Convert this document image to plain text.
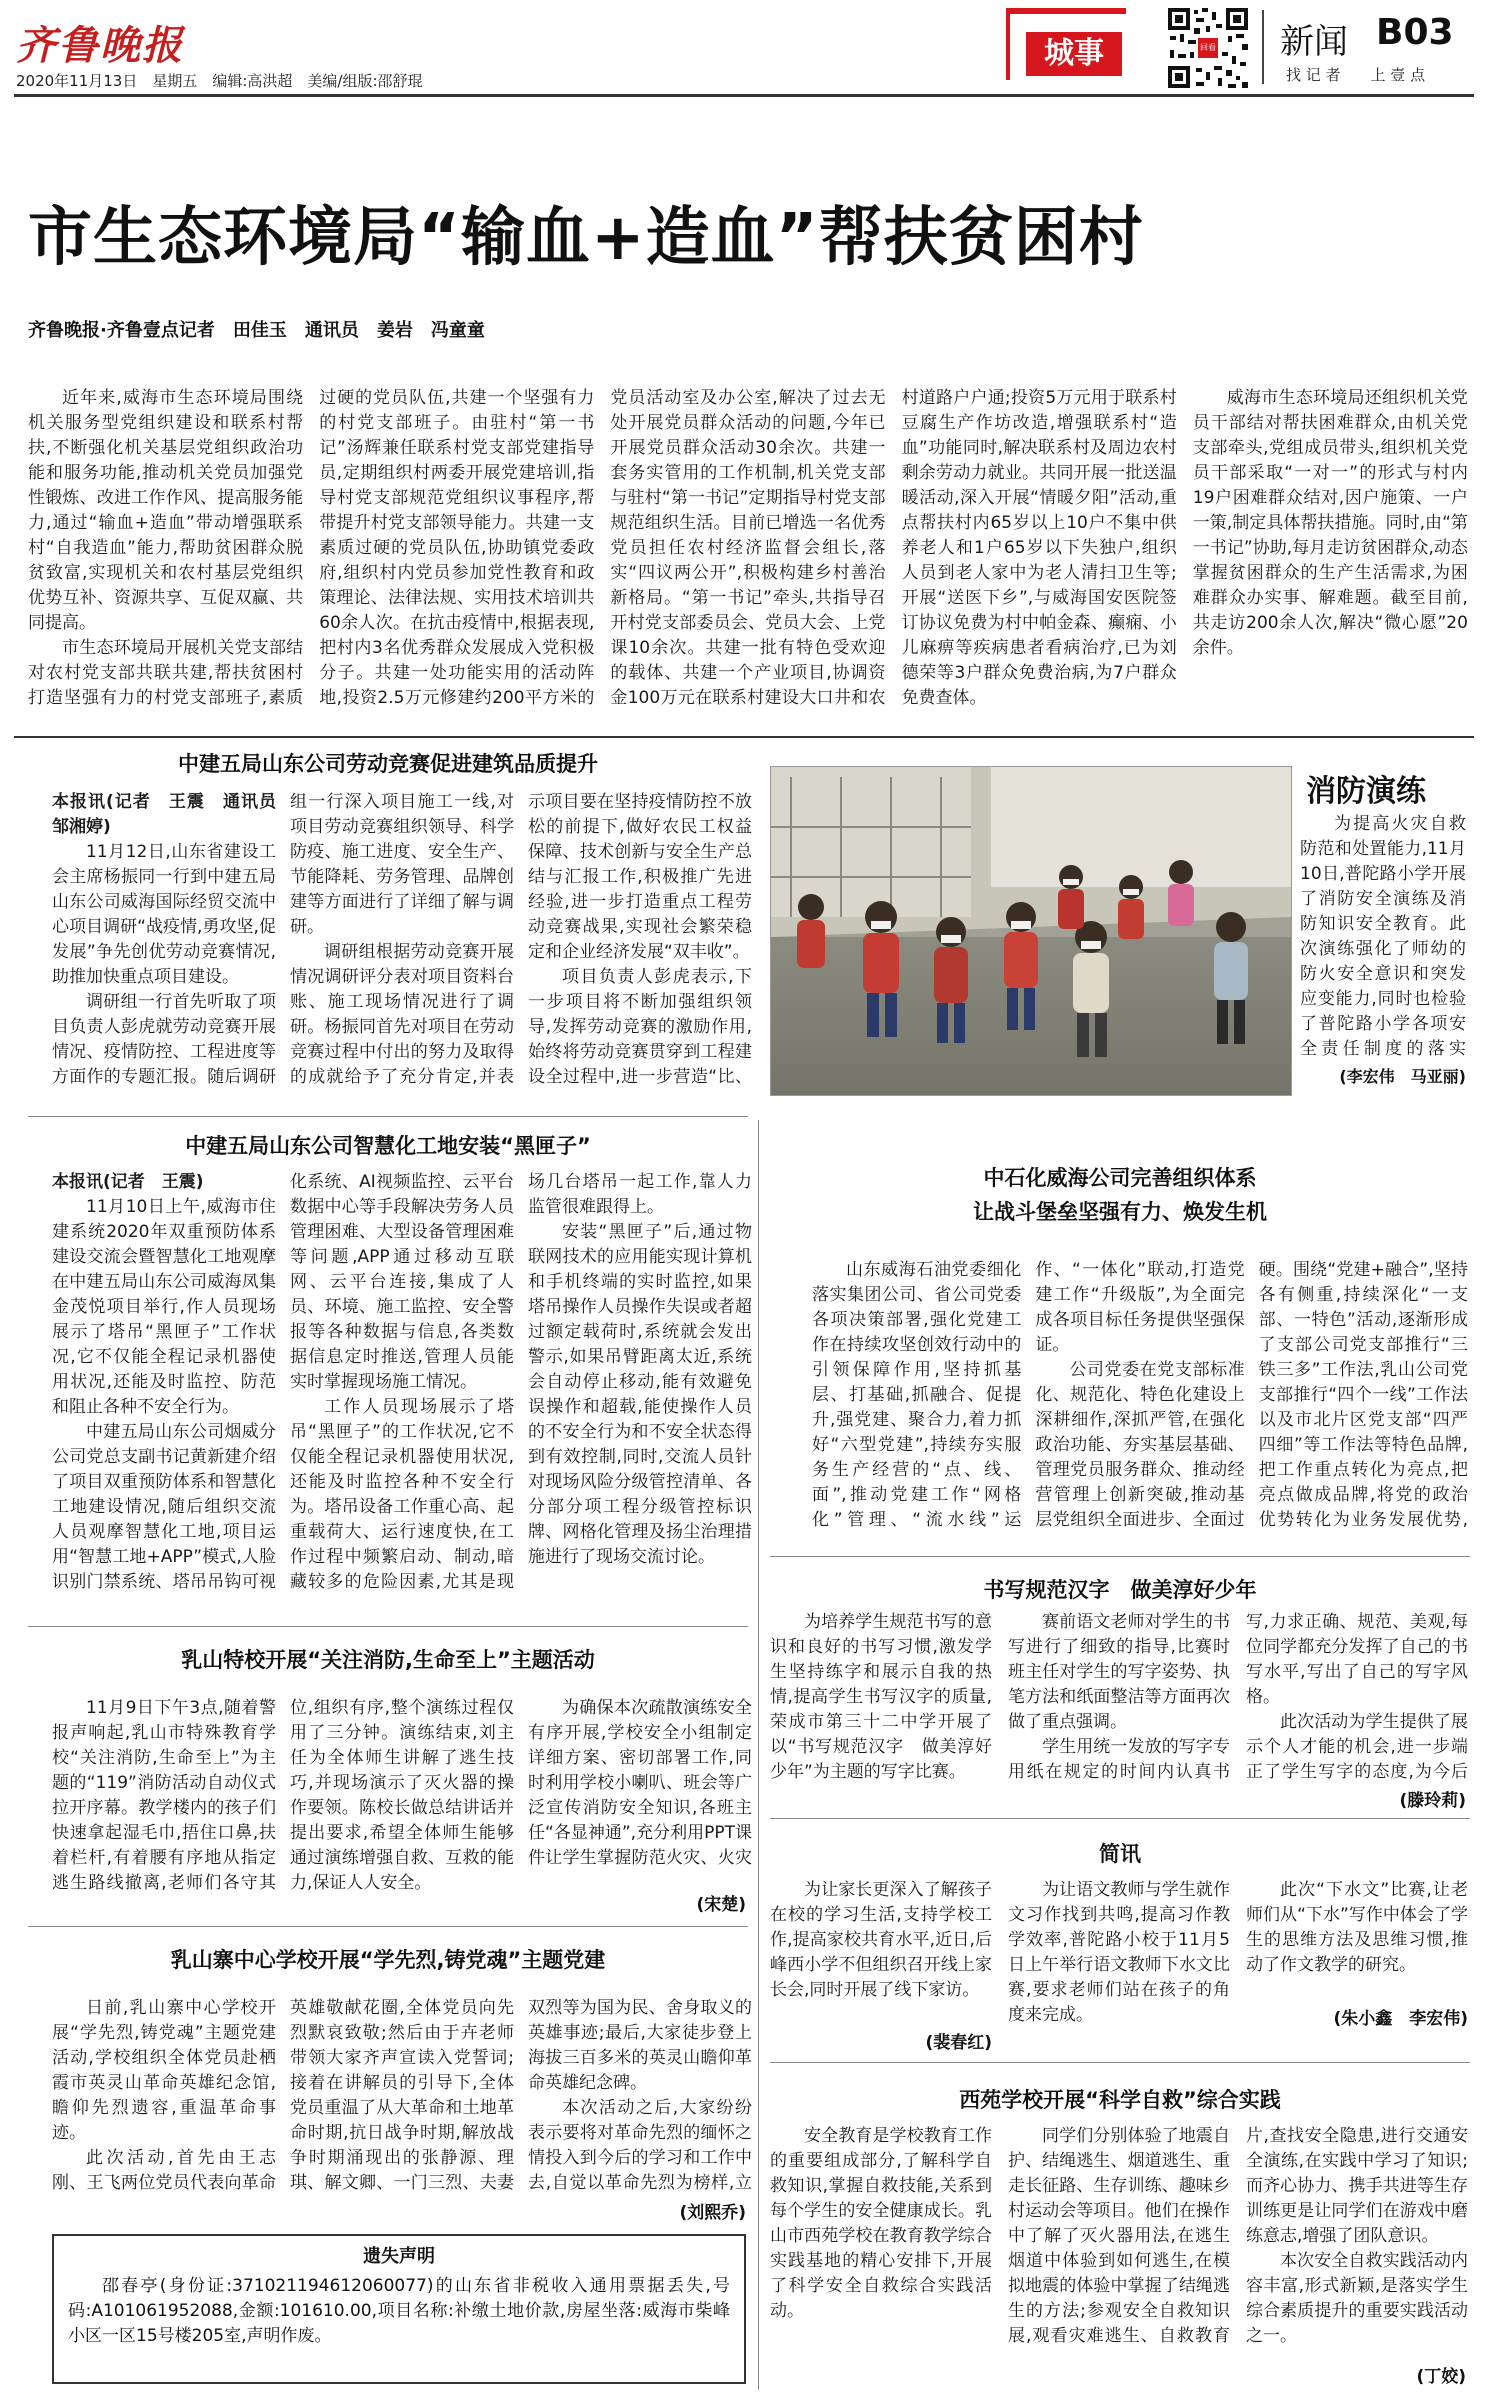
齐鲁晚报
2020年11月13日　星期五　编辑:高洪超　美编/组版:邵舒琨
城事	回看 新闻 B03
找 记 者　　上 壹 点
市生态环境局“输血+造血”帮扶贫困村
齐鲁晚报·齐鲁壹点记者　田佳玉　通讯员　姜岩　冯童童

近年来,威海市生态环境局围绕机关服务型党组织建设和联系村帮扶,不断强化机关基层党组织政治功能和服务功能,推动机关党员加强党性锻炼、改进工作作风、提高服务能力,通过“输血+造血”带动增强联系村“自我造血”能力,帮助贫困群众脱贫致富,实现机关和农村基层党组织优势互补、资源共享、互促双赢、共同提高。

市生态环境局开展机关党支部结对农村党支部共联共建,帮扶贫困村打造坚强有力的村党支部班子,素质过硬的党员队伍,共建一个坚强有力的村党支部班子。由驻村“第一书记”汤辉兼任联系村党支部党建指导员,定期组织村两委开展党建培训,指导村党支部规范党组织议事程序,帮带提升村党支部领导能力。共建一支素质过硬的党员队伍,协助镇党委政府,组织村内党员参加党性教育和政策理论、法律法规、实用技术培训共60余人次。在抗击疫情中,根据表现,把村内3名优秀群众发展成入党积极分子。共建一处功能实用的活动阵地,投资2.5万元修建约200平方米的党员活动室及办公室,解决了过去无处开展党员群众活动的问题,今年已开展党员群众活动30余次。共建一套务实管用的工作机制,机关党支部与驻村“第一书记”定期指导村党支部规范组织生活。目前已增选一名优秀党员担任农村经济监督会组长,落实“四议两公开”,积极构建乡村善治新格局。“第一书记”牵头,共指导召开村党支部委员会、党员大会、上党课10余次。共建一批有特色受欢迎的载体、共建一个产业项目,协调资金100万元在联系村建设大口井和农村道路户户通;投资5万元用于联系村豆腐生产作坊改造,增强联系村“造血”功能同时,解决联系村及周边农村剩余劳动力就业。共同开展一批送温暖活动,深入开展“情暖夕阳”活动,重点帮扶村内65岁以上10户不集中供养老人和1户65岁以下失独户,组织人员到老人家中为老人清扫卫生等;开展“送医下乡”,与威海国安医院签订协议免费为村中帕金森、癫痫、小儿麻痹等疾病患者看病治疗,已为刘德荣等3户群众免费治病,为7户群众免费查体。

威海市生态环境局还组织机关党员干部结对帮扶困难群众,由机关党支部牵头,党组成员带头,组织机关党员干部采取“一对一”的形式与村内19户困难群众结对,因户施策、一户一策,制定具体帮扶措施。同时,由“第一书记”协助,每月走访贫困群众,动态掌握贫困群众的生产生活需求,为困难群众办实事、解难题。截至目前,共走访200余人次,解决“微心愿”20余件。

中建五局山东公司劳动竞赛促进建筑品质提升

本报讯(记者　王震　通讯员　邹湘婷)

11月12日,山东省建设工会主席杨振同一行到中建五局山东公司威海国际经贸交流中心项目调研“战疫情,勇攻坚,促发展”争先创优劳动竞赛情况,助推加快重点项目建设。

调研组一行首先听取了项目负责人彭虎就劳动竞赛开展情况、疫情防控、工程进度等方面作的专题汇报。随后调研组一行深入项目施工一线,对项目劳动竞赛组织领导、科学防疫、施工进度、安全生产、节能降耗、劳务管理、品牌创建等方面进行了详细了解与调研。

调研组根据劳动竞赛开展情况调研评分表对项目资料台账、施工现场情况进行了调研。杨振同首先对项目在劳动竞赛过程中付出的努力及取得的成就给予了充分肯定,并表示项目要在坚持疫情防控不放松的前提下,做好农民工权益保障、技术创新与安全生产总结与汇报工作,积极推广先进经验,进一步打造重点工程劳动竞赛战果,实现社会繁荣稳定和企业经济发展“双丰收”。

项目负责人彭虎表示,下一步项目将不断加强组织领导,发挥劳动竞赛的激励作用,始终将劳动竞赛贯穿到工程建设全过程中,进一步营造“比、

消防演练

为提高火灾自救防范和处置能力,11月10日,普陀路小学开展了消防安全演练及消防知识安全教育。此次演练强化了师幼的防火安全意识和突发应变能力,同时也检验了普陀路小学各项安全责任制度的落实

(李宏伟　马亚丽)
中建五局山东公司智慧化工地安装“黑匣子”

本报讯(记者　王震)

11月10日上午,威海市住建系统2020年双重预防体系建设交流会暨智慧化工地观摩在中建五局山东公司威海凤集金茂悦项目举行,作人员现场展示了塔吊“黑匣子”工作状况,它不仅能全程记录机器使用状况,还能及时监控、防范和阻止各种不安全行为。

中建五局山东公司烟威分公司党总支副书记黄新建介绍了项目双重预防体系和智慧化工地建设情况,随后组织交流人员观摩智慧化工地,项目运用“智慧工地+APP”模式,人脸识别门禁系统、塔吊吊钩可视化系统、AI视频监控、云平台数据中心等手段解决劳务人员管理困难、大型设备管理困难等问题,APP通过移动互联网、云平台连接,集成了人员、环境、施工监控、安全警报等各种数据与信息,各类数据信息定时推送,管理人员能实时掌握现场施工情况。

工作人员现场展示了塔吊“黑匣子”的工作状况,它不仅能全程记录机器使用状况,还能及时监控各种不安全行为。塔吊设备工作重心高、起重载荷大、运行速度快,在工作过程中频繁启动、制动,暗藏较多的危险因素,尤其是现场几台塔吊一起工作,靠人力监管很难跟得上。

安装“黑匣子”后,通过物联网技术的应用能实现计算机和手机终端的实时监控,如果塔吊操作人员操作失误或者超过额定载荷时,系统就会发出警示,如果吊臂距离太近,系统会自动停止移动,能有效避免误操作和超载,能使操作人员的不安全行为和不安全状态得到有效控制,同时,交流人员针对现场风险分级管控清单、各分部分项工程分级管控标识牌、网格化管理及扬尘治理措施进行了现场交流讨论。

中石化威海公司完善组织体系
让战斗堡垒坚强有力、焕发生机

山东威海石油党委细化落实集团公司、省公司党委各项决策部署,强化党建工作在持续攻坚创效行动中的引领保障作用,坚持抓基层、打基础,抓融合、促提升,强党建、聚合力,着力抓好“六型党建”,持续夯实服务生产经营的“点、线、面”,推动党建工作“网格化”管理、“流水线”运作、“一体化”联动,打造党建工作“升级版”,为全面完成各项目标任务提供坚强保证。

公司党委在党支部标准化、规范化、特色化建设上深耕细作,深抓严管,在强化政治功能、夯实基层基础、管理党员服务群众、推动经营管理上创新突破,推动基层党组织全面进步、全面过硬。围绕“党建+融合”,坚持各有侧重,持续深化“一支部、一特色”活动,逐渐形成了支部公司党支部推行“三铁三多”工作法,乳山公司党支部推行“四个一线”工作法以及市北片区党支部“四严四细”等工作法等特色品牌,把工作重点转化为亮点,把亮点做成品牌,将党的政治优势转化为业务发展优势,

书写规范汉字　做美淳好少年

为培养学生规范书写的意识和良好的书写习惯,激发学生坚持练字和展示自我的热情,提高学生书写汉字的质量,荣成市第三十二中学开展了以“书写规范汉字　做美淳好少年”为主题的写字比赛。

赛前语文老师对学生的书写进行了细致的指导,比赛时班主任对学生的写字姿势、执笔方法和纸面整洁等方面再次做了重点强调。

学生用统一发放的写字专用纸在规定的时间内认真书写,力求正确、规范、美观,每位同学都充分发挥了自己的书写水平,写出了自己的写字风格。

此次活动为学生提供了展示个人才能的机会,进一步端正了学生写字的态度,为今后

(滕玲莉)
简讯

为让家长更深入了解孩子在校的学习生活,支持学校工作,提高家校共育水平,近日,后峰西小学不但组织召开线上家长会,同时开展了线下家访。

(裴春红)

为让语文教师与学生就作文习作找到共鸣,提高习作教学效率,普陀路小校于11月5日上午举行语文教师下水文比赛,要求老师们站在孩子的角度来完成。

此次“下水文”比赛,让老师们从“下水”写作中体会了学生的思维方法及思维习惯,推动了作文教学的研究。

(朱小鑫　李宏伟)
西苑学校开展“科学自救”综合实践

安全教育是学校教育工作的重要组成部分,了解科学自救知识,掌握自救技能,关系到每个学生的安全健康成长。乳山市西苑学校在教育教学综合实践基地的精心安排下,开展了科学安全自救综合实践活动。

同学们分别体验了地震自护、结绳逃生、烟道逃生、重走长征路、生存训练、趣味乡村运动会等项目。他们在操作中了解了灭火器用法,在逃生烟道中体验到如何逃生,在模拟地震的体验中掌握了结绳逃生的方法;参观安全自救知识展,观看灾难逃生、自救教育片,查找安全隐患,进行交通安全演练,在实践中学习了知识;而齐心协力、携手共进等生存训练更是让同学们在游戏中磨练意志,增强了团队意识。

本次安全自救实践活动内容丰富,形式新颖,是落实学生综合素质提升的重要实践活动之一。

(丁姣)
乳山特校开展“关注消防,生命至上”主题活动

11月9日下午3点,随着警报声响起,乳山市特殊教育学校“关注消防,生命至上”为主题的“119”消防活动自动仪式拉开序幕。教学楼内的孩子们快速拿起湿毛巾,捂住口鼻,扶着栏杆,有着腰有序地从指定逃生路线撤离,老师们各守其位,组织有序,整个演练过程仅用了三分钟。演练结束,刘主任为全体师生讲解了逃生技巧,并现场演示了灭火器的操作要领。陈校长做总结讲话并提出要求,希望全体师生能够通过演练增强自救、互救的能力,保证人人安全。

为确保本次疏散演练安全有序开展,学校安全小组制定详细方案、密切部署工作,同时利用学校小喇叭、班会等广泛宣传消防安全知识,各班主任“各显神通”,充分利用PPT课件让学生掌握防范火灾、火灾

(宋楚)
乳山寨中心学校开展“学先烈,铸党魂”主题党建

日前,乳山寨中心学校开展“学先烈,铸党魂”主题党建活动,学校组织全体党员赴栖霞市英灵山革命英雄纪念馆,瞻仰先烈遗容,重温革命事迹。

此次活动,首先由王志刚、王飞两位党员代表向革命英雄敬献花圈,全体党员向先烈默哀致敬;然后由于卉老师带领大家齐声宣读入党誓词;接着在讲解员的引导下,全体党员重温了从大革命和土地革命时期,抗日战争时期,解放战争时期涌现出的张静源、理琪、解文卿、一门三烈、夫妻双烈等为国为民、舍身取义的英雄事迹;最后,大家徒步登上海拔三百多米的英灵山瞻仰革命英雄纪念碑。

本次活动之后,大家纷纷表示要将对革命先烈的缅怀之情投入到今后的学习和工作中去,自觉以革命先烈为榜样,立

(刘熙乔)
遗失声明
邵春亭(身份证:371021194612060077)的山东省非税收入通用票据丢失,号码:A101061952088,金额:101610.00,项目名称:补缴土地价款,房屋坐落:威海市柴峰小区一区15号楼205室,声明作废。
